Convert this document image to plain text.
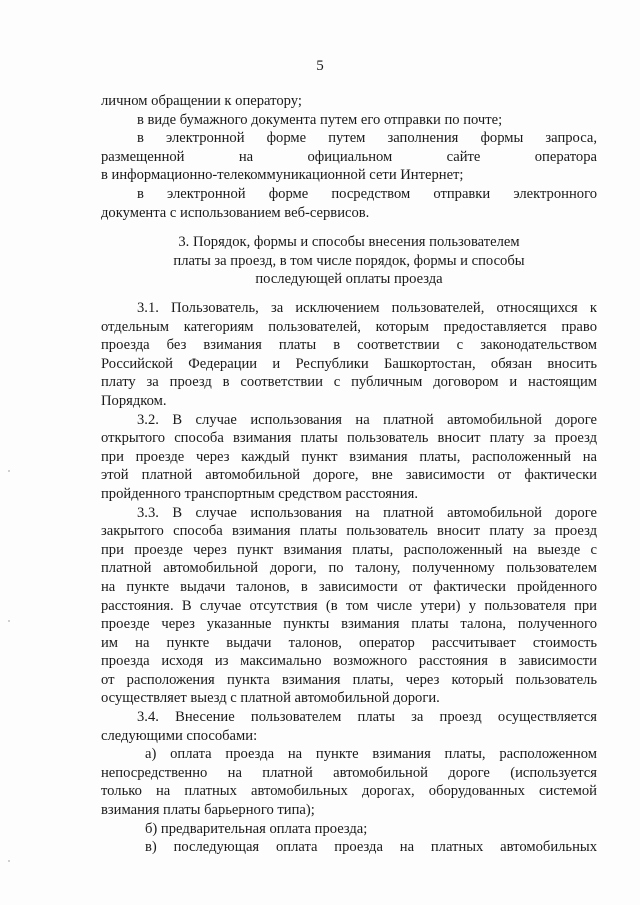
5
личном обращении к оператору;
в виде бумажного документа путем его отправки по почте;
в электронной форме путем заполнения формы запроса,
размещенной на официальном сайте оператора
в информационно-телекоммуникационной сети Интернет;
в электронной форме посредством отправки электронного
документа с использованием веб-сервисов.
3. Порядок, формы и способы внесения пользователем
платы за проезд, в том числе порядок, формы и способы
последующей оплаты проезда
3.1. Пользователь, за исключением пользователей, относящихся к
отдельным категориям пользователей, которым предоставляется право
проезда без взимания платы в соответствии с законодательством
Российской Федерации и Республики Башкортостан, обязан вносить
плату за проезд в соответствии с публичным договором и настоящим
Порядком.
3.2. В случае использования на платной автомобильной дороге
открытого способа взимания платы пользователь вносит плату за проезд
при проезде через каждый пункт взимания платы, расположенный на
этой платной автомобильной дороге, вне зависимости от фактически
пройденного транспортным средством расстояния.
3.3. В случае использования на платной автомобильной дороге
закрытого способа взимания платы пользователь вносит плату за проезд
при проезде через пункт взимания платы, расположенный на выезде с
платной автомобильной дороги, по талону, полученному пользователем
на пункте выдачи талонов, в зависимости от фактически пройденного
расстояния. В случае отсутствия (в том числе утери) у пользователя при
проезде через указанные пункты взимания платы талона, полученного
им на пункте выдачи талонов, оператор рассчитывает стоимость
проезда исходя из максимально возможного расстояния в зависимости
от расположения пункта взимания платы, через который пользователь
осуществляет выезд с платной автомобильной дороги.
3.4. Внесение пользователем платы за проезд осуществляется
следующими способами:
а) оплата проезда на пункте взимания платы, расположенном
непосредственно на платной автомобильной дороге (используется
только на платных автомобильных дорогах, оборудованных системой
взимания платы барьерного типа);
б) предварительная оплата проезда;
в) последующая оплата проезда на платных автомобильных
